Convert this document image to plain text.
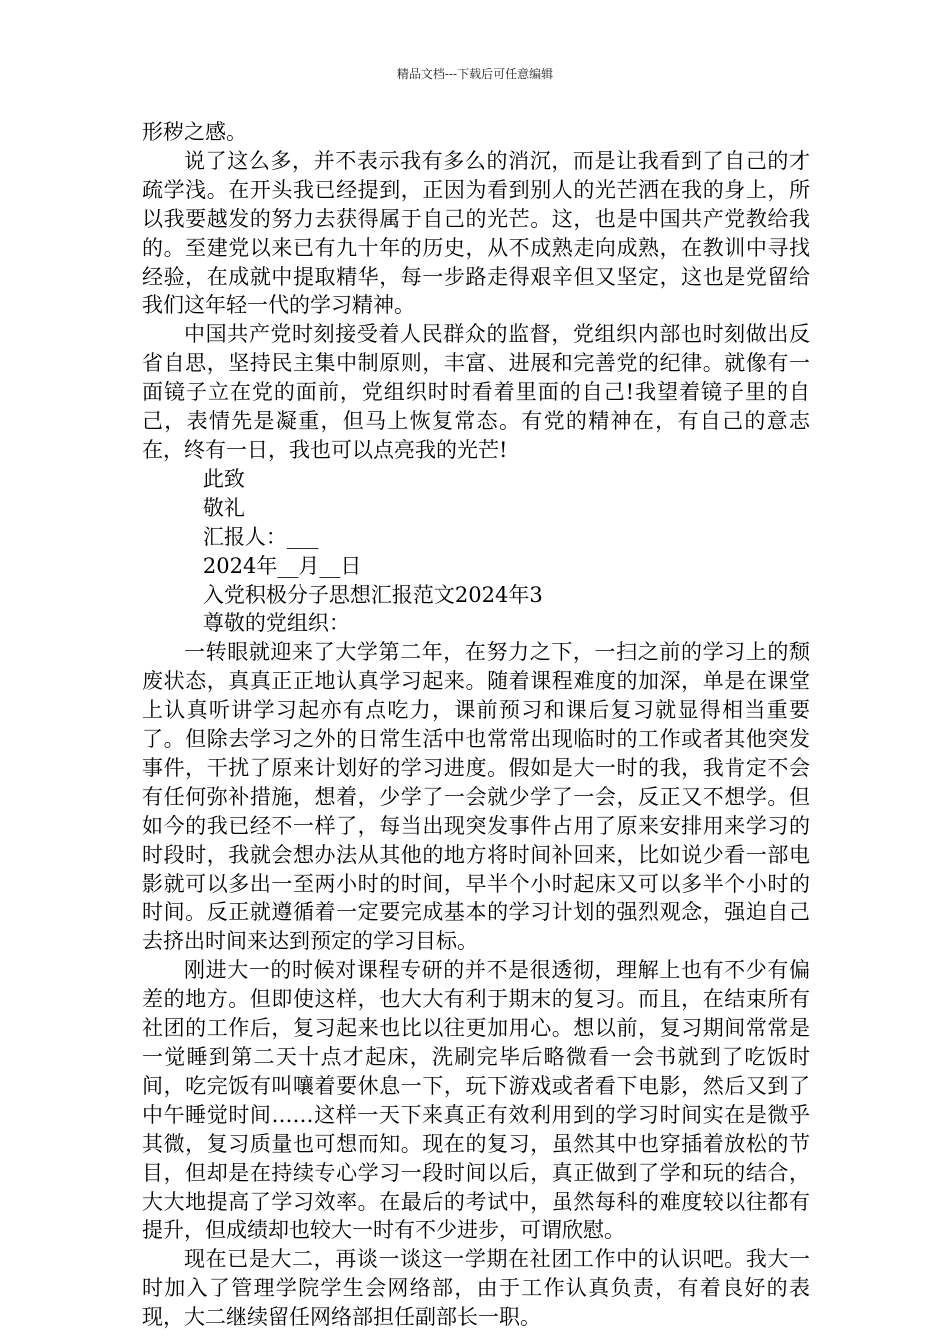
精品文档---下载后可任意编辑

形秽之感。

说了这么多，并不表示我有多么的消沉，而是让我看到了自己的才疏学浅。在开头我已经提到，正因为看到别人的光芒洒在我的身上，所以我要越发的努力去获得属于自己的光芒。这，也是中国共产党教给我的。至建党以来已有九十年的历史，从不成熟走向成熟，在教训中寻找经验，在成就中提取精华，每一步路走得艰辛但又坚定，这也是党留给我们这年轻一代的学习精神。

中国共产党时刻接受着人民群众的监督，党组织内部也时刻做出反省自思，坚持民主集中制原则，丰富、进展和完善党的纪律。就像有一面镜子立在党的面前，党组织时时看着里面的自己!我望着镜子里的自己，表情先是凝重，但马上恢复常态。有党的精神在，有自己的意志在，终有一日，我也可以点亮我的光芒!

此致

敬礼

汇报人：___

2024年__月__日

入党积极分子思想汇报范文2024年3

尊敬的党组织：

一转眼就迎来了大学第二年，在努力之下，一扫之前的学习上的颓废状态，真真正正地认真学习起来。随着课程难度的加深，单是在课堂上认真听讲学习起亦有点吃力，课前预习和课后复习就显得相当重要了。但除去学习之外的日常生活中也常常出现临时的工作或者其他突发事件，干扰了原来计划好的学习进度。假如是大一时的我，我肯定不会有任何弥补措施，想着，少学了一会就少学了一会，反正又不想学。但如今的我已经不一样了，每当出现突发事件占用了原来安排用来学习的时段时，我就会想办法从其他的地方将时间补回来，比如说少看一部电影就可以多出一至两小时的时间，早半个小时起床又可以多半个小时的时间。反正就遵循着一定要完成基本的学习计划的强烈观念，强迫自己去挤出时间来达到预定的学习目标。

刚进大一的时候对课程专研的并不是很透彻，理解上也有不少有偏差的地方。但即使这样，也大大有利于期末的复习。而且，在结束所有社团的工作后，复习起来也比以往更加用心。想以前，复习期间常常是一觉睡到第二天十点才起床，洗刷完毕后略微看一会书就到了吃饭时间，吃完饭有叫嚷着要休息一下，玩下游戏或者看下电影，然后又到了中午睡觉时间……这样一天下来真正有效利用到的学习时间实在是微乎其微，复习质量也可想而知。现在的复习，虽然其中也穿插着放松的节目，但却是在持续专心学习一段时间以后，真正做到了学和玩的结合，大大地提高了学习效率。在最后的考试中，虽然每科的难度较以往都有提升，但成绩却也较大一时有不少进步，可谓欣慰。

现在已是大二，再谈一谈这一学期在社团工作中的认识吧。我大一时加入了管理学院学生会网络部，由于工作认真负责，有着良好的表现，大二继续留任网络部担任副部长一职。
